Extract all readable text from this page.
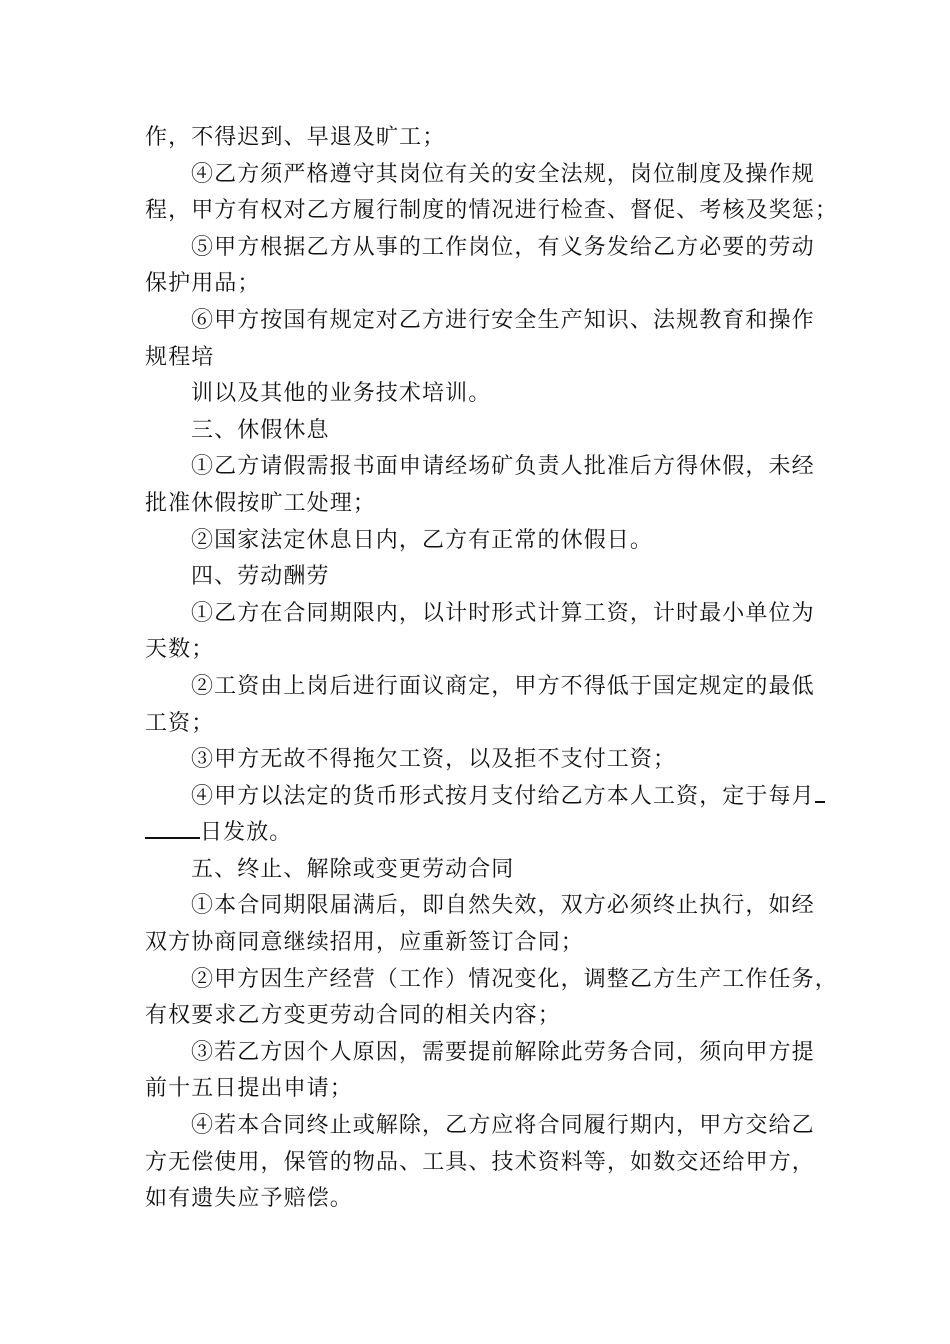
作，不得迟到、早退及旷工；
④乙方须严格遵守其岗位有关的安全法规，岗位制度及操作规
程，甲方有权对乙方履行制度的情况进行检查、督促、考核及奖惩；
⑤甲方根据乙方从事的工作岗位，有义务发给乙方必要的劳动
保护用品；
⑥甲方按国有规定对乙方进行安全生产知识、法规教育和操作
规程培
训以及其他的业务技术培训。
三、休假休息
①乙方请假需报书面申请经场矿负责人批准后方得休假，未经
批准休假按旷工处理；
②国家法定休息日内，乙方有正常的休假日。
四、劳动酬劳
①乙方在合同期限内，以计时形式计算工资，计时最小单位为
天数；
②工资由上岗后进行面议商定，甲方不得低于国定规定的最低
工资；
③甲方无故不得拖欠工资，以及拒不支付工资；
④甲方以法定的货币形式按月支付给乙方本人工资，定于每月
日发放。
五、终止、解除或变更劳动合同
①本合同期限届满后，即自然失效，双方必须终止执行，如经
双方协商同意继续招用，应重新签订合同；
②甲方因生产经营（工作）情况变化，调整乙方生产工作任务，
有权要求乙方变更劳动合同的相关内容；
③若乙方因个人原因，需要提前解除此劳务合同，须向甲方提
前十五日提出申请；
④若本合同终止或解除，乙方应将合同履行期内，甲方交给乙
方无偿使用，保管的物品、工具、技术资料等，如数交还给甲方，
如有遗失应予赔偿。
